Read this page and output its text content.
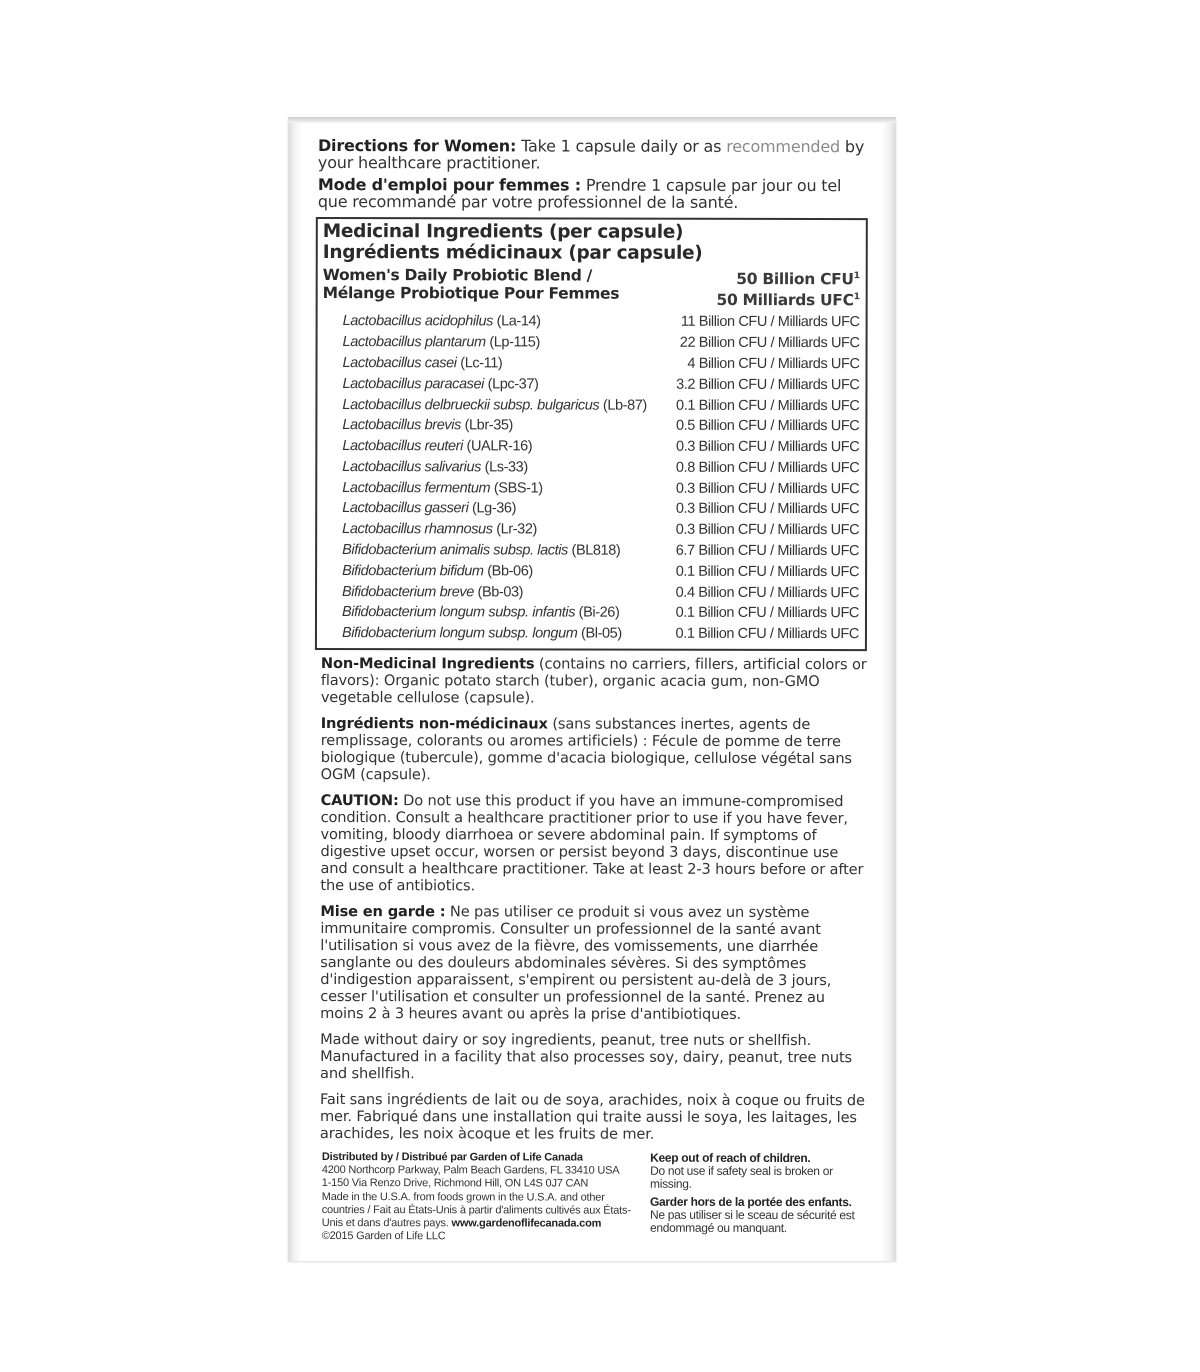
Directions for Women: Take 1 capsule daily or as recommended by your healthcare practitioner.

Mode d'emploi pour femmes : Prendre 1 capsule par jour ou tel que recommandé par votre professionnel de la santé.

Medicinal Ingredients (per capsule)
Ingrédients médicinaux (par capsule)
Women's Daily Probiotic Blend /
Mélange Probiotique Pour Femmes
50 Billion CFU$^1$
50 Milliards UFC$^1$
Lactobacillus acidophilus (La-14)	11 Billion CFU / Milliards UFC
Lactobacillus plantarum (Lp-115)	22 Billion CFU / Milliards UFC
Lactobacillus casei (Lc-11)	4 Billion CFU / Milliards UFC
Lactobacillus paracasei (Lpc-37)	3.2 Billion CFU / Milliards UFC
Lactobacillus delbrueckii subsp. bulgaricus (Lb-87) 0.1 Billion CFU / Milliards UFC
Lactobacillus brevis (Lbr-35)	0.5 Billion CFU / Milliards UFC
Lactobacillus reuteri (UALR-16)	0.3 Billion CFU / Milliards UFC
Lactobacillus salivarius (Ls-33)	0.8 Billion CFU / Milliards UFC
Lactobacillus fermentum (SBS-1)	0.3 Billion CFU / Milliards UFC
Lactobacillus gasseri (Lg-36)	0.3 Billion CFU / Milliards UFC
Lactobacillus rhamnosus (Lr-32)	0.3 Billion CFU / Milliards UFC
Bifidobacterium animalis subsp. lactis (BL818)	6.7 Billion CFU / Milliards UFC
Bifidobacterium bifidum (Bb-06)	0.1 Billion CFU / Milliards UFC
Bifidobacterium breve (Bb-03)	0.4 Billion CFU / Milliards UFC
Bifidobacterium longum subsp. infantis (Bi-26)	0.1 Billion CFU / Milliards UFC
Bifidobacterium longum subsp. longum (Bl-05)	0.1 Billion CFU / Milliards UFC

Non-Medicinal Ingredients (contains no carriers, fillers, artificial colors or flavors): Organic potato starch (tuber), organic acacia gum, non-GMO vegetable cellulose (capsule).

Ingrédients non-médicinaux (sans substances inertes, agents de remplissage, colorants ou aromes artificiels) : Fécule de pomme de terre biologique (tubercule), gomme d'acacia biologique, cellulose végétal sans OGM (capsule).

CAUTION: Do not use this product if you have an immune-compromised condition. Consult a healthcare practitioner prior to use if you have fever, vomiting, bloody diarrhoea or severe abdominal pain. If symptoms of digestive upset occur, worsen or persist beyond 3 days, discontinue use and consult a healthcare practitioner. Take at least 2-3 hours before or after the use of antibiotics.

Mise en garde : Ne pas utiliser ce produit si vous avez un système immunitaire compromis. Consulter un professionnel de la santé avant l'utilisation si vous avez de la fièvre, des vomissements, une diarrhée sanglante ou des douleurs abdominales sévères. Si des symptômes d'indigestion apparaissent, s'empirent ou persistent au-delà de 3 jours, cesser l'utilisation et consulter un professionnel de la santé. Prenez au moins 2 à 3 heures avant ou après la prise d'antibiotiques.

Made without dairy or soy ingredients, peanut, tree nuts or shellfish. Manufactured in a facility that also processes soy, dairy, peanut, tree nuts and shellfish.

Fait sans ingrédients de lait ou de soya, arachides, noix à coque ou fruits de mer. Fabriqué dans une installation qui traite aussi le soya, les laitages, les arachides, les noix àcoque et les fruits de mer.

Distributed by / Distribué par Garden of Life Canada
4200 Northcorp Parkway, Palm Beach Gardens, FL 33410 USA
1-150 Via Renzo Drive, Richmond Hill, ON L4S 0J7 CAN
Made in the U.S.A. from foods grown in the U.S.A. and other countries / Fait au États-Unis à partir d'aliments cultivés aux États-Unis et dans d'autres pays. www.gardenoflifecanada.com
©2015 Garden of Life LLC
Keep out of reach of children.
Do not use if safety seal is broken or missing.
Garder hors de la portée des enfants.
Ne pas utiliser si le sceau de sécurité est endommagé ou manquant.
